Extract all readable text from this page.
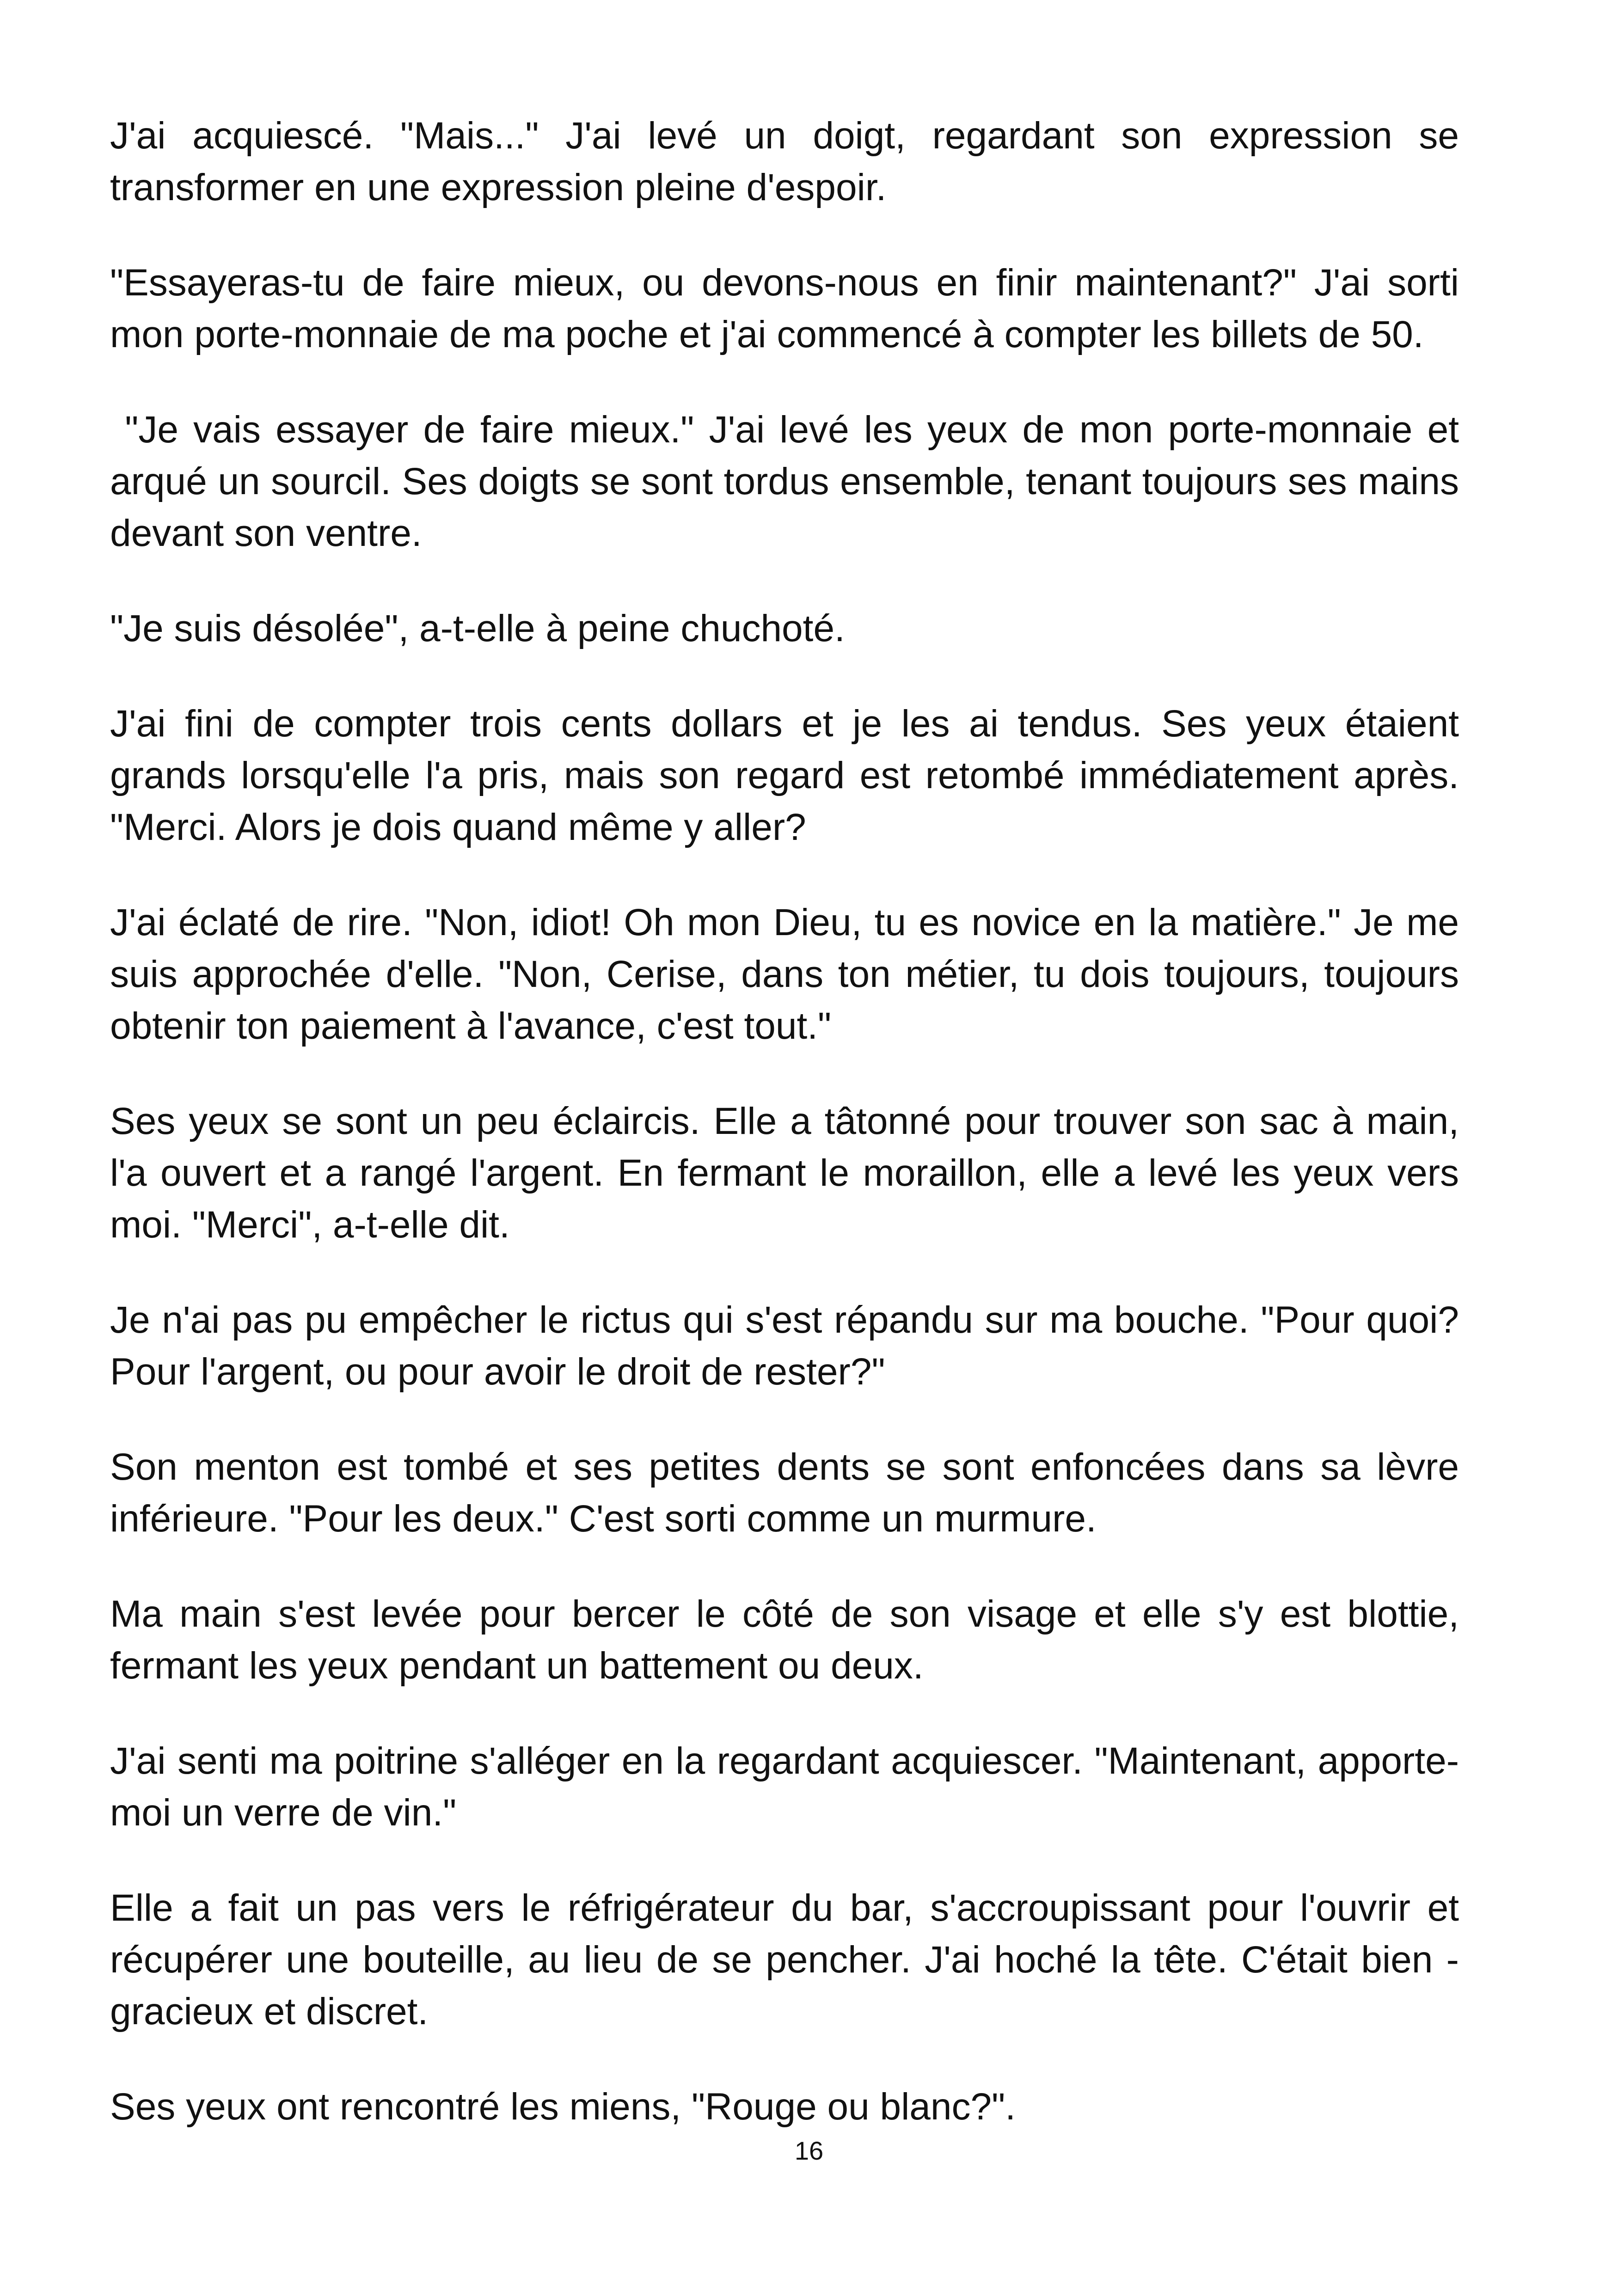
J'ai acquiescé. "Mais..." J'ai levé un doigt, regardant son expression se transformer en une expression pleine d'espoir.

"Essayeras-tu de faire mieux, ou devons-nous en finir maintenant?" J'ai sorti mon porte-monnaie de ma poche et j'ai commencé à compter les billets de 50.

"Je vais essayer de faire mieux." J'ai levé les yeux de mon porte-monnaie et arqué un sourcil. Ses doigts se sont tordus ensemble, tenant toujours ses mains devant son ventre.

"Je suis désolée", a-t-elle à peine chuchoté.

J'ai fini de compter trois cents dollars et je les ai tendus. Ses yeux étaient grands lorsqu'elle l'a pris, mais son regard est retombé immédiatement après. "Merci. Alors je dois quand même y aller?

J'ai éclaté de rire. "Non, idiot! Oh mon Dieu, tu es novice en la matière." Je me suis approchée d'elle. "Non, Cerise, dans ton métier, tu dois toujours, toujours obtenir ton paiement à l'avance, c'est tout."

Ses yeux se sont un peu éclaircis. Elle a tâtonné pour trouver son sac à main, l'a ouvert et a rangé l'argent. En fermant le moraillon, elle a levé les yeux vers moi. "Merci", a-t-elle dit.

Je n'ai pas pu empêcher le rictus qui s'est répandu sur ma bouche. "Pour quoi? Pour l'argent, ou pour avoir le droit de rester?"

Son menton est tombé et ses petites dents se sont enfoncées dans sa lèvre inférieure. "Pour les deux." C'est sorti comme un murmure.

Ma main s'est levée pour bercer le côté de son visage et elle s'y est blottie, fermant les yeux pendant un battement ou deux.

J'ai senti ma poitrine s'alléger en la regardant acquiescer. "Maintenant, apporte-moi un verre de vin."

Elle a fait un pas vers le réfrigérateur du bar, s'accroupissant pour l'ouvrir et récupérer une bouteille, au lieu de se pencher. J'ai hoché la tête. C'était bien - gracieux et discret.

Ses yeux ont rencontré les miens, "Rouge ou blanc?".

16
